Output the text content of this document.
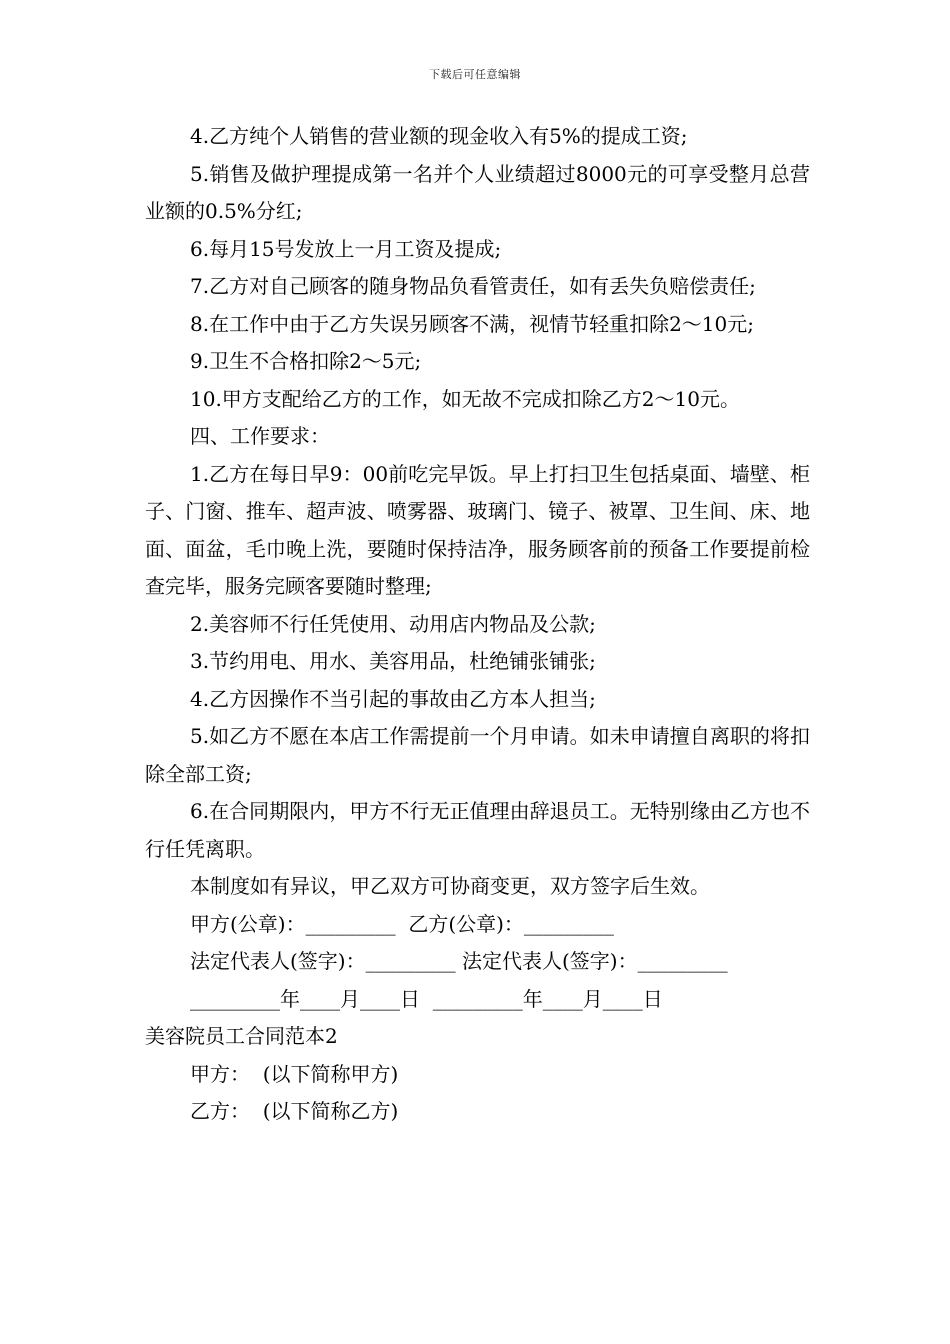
下载后可任意编辑

4.乙方纯个人销售的营业额的现金收入有5%的提成工资;

5.销售及做护理提成第一名并个人业绩超过8000元的可享受整月总营业额的0.5%分红;

6.每月15号发放上一月工资及提成;

7.乙方对自己顾客的随身物品负看管责任，如有丢失负赔偿责任;

8.在工作中由于乙方失误另顾客不满，视情节轻重扣除2～10元;

9.卫生不合格扣除2～5元;

10.甲方支配给乙方的工作，如无故不完成扣除乙方2～10元。

四、工作要求：

1.乙方在每日早9：00前吃完早饭。早上打扫卫生包括桌面、墙壁、柜子、门窗、推车、超声波、喷雾器、玻璃门、镜子、被罩、卫生间、床、地面、面盆，毛巾晚上洗，要随时保持洁净，服务顾客前的预备工作要提前检查完毕，服务完顾客要随时整理;

2.美容师不行任凭使用、动用店内物品及公款;

3.节约用电、用水、美容用品，杜绝铺张铺张;

4.乙方因操作不当引起的事故由乙方本人担当;

5.如乙方不愿在本店工作需提前一个月申请。如未申请擅自离职的将扣除全部工资;

6.在合同期限内，甲方不行无正值理由辞退员工。无特别缘由乙方也不行任凭离职。

本制度如有异议，甲乙双方可协商变更，双方签字后生效。

甲方(公章)：_________  乙方(公章)：_________

法定代表人(签字)：_________ 法定代表人(签字)：_________

_________年____月____日  _________年____月____日

美容院员工合同范本2

甲方：  (以下简称甲方)

乙方：  (以下简称乙方)
